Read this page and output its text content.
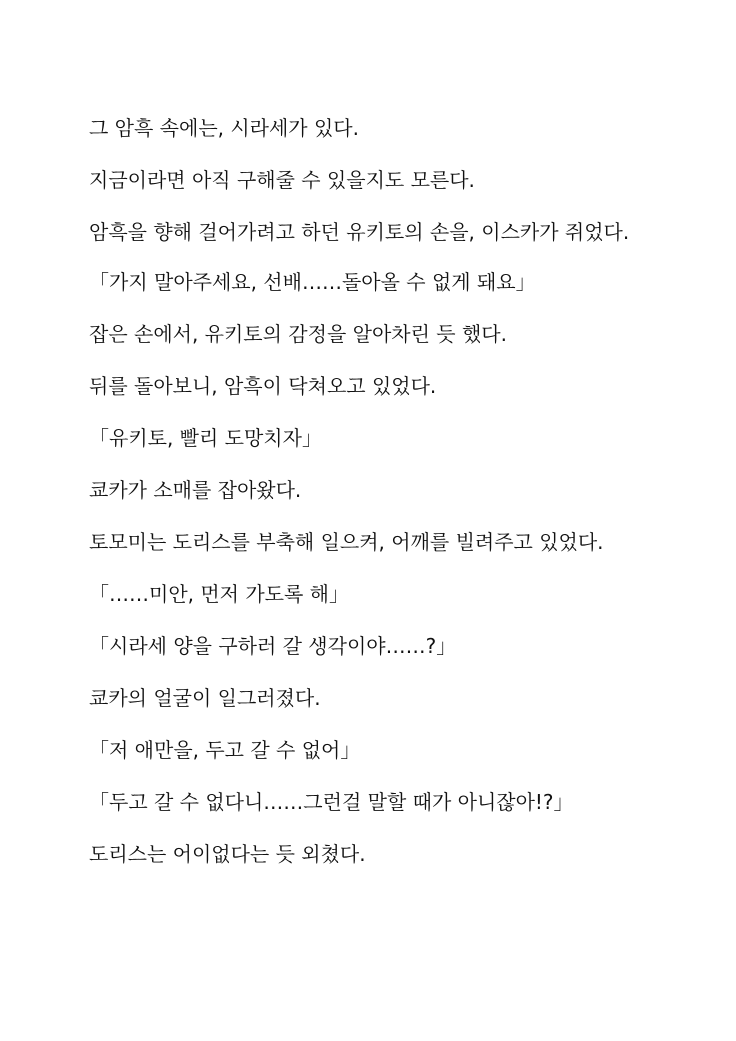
그 암흑 속에는, 시라세가 있다.

지금이라면 아직 구해줄 수 있을지도 모른다.

암흑을 향해 걸어가려고 하던 유키토의 손을, 이스카가 쥐었다.

「가지 말아주세요, 선배……돌아올 수 없게 돼요」

잡은 손에서, 유키토의 감정을 알아차린 듯 했다.

뒤를 돌아보니, 암흑이 닥쳐오고 있었다.

「유키토, 빨리 도망치자」

쿄카가 소매를 잡아왔다.

토모미는 도리스를 부축해 일으켜, 어깨를 빌려주고 있었다.

「……미안, 먼저 가도록 해」

「시라세 양을 구하러 갈 생각이야……?」

쿄카의 얼굴이 일그러졌다.

「저 애만을, 두고 갈 수 없어」

「두고 갈 수 없다니……그런걸 말할 때가 아니잖아!?」

도리스는 어이없다는 듯 외쳤다.
